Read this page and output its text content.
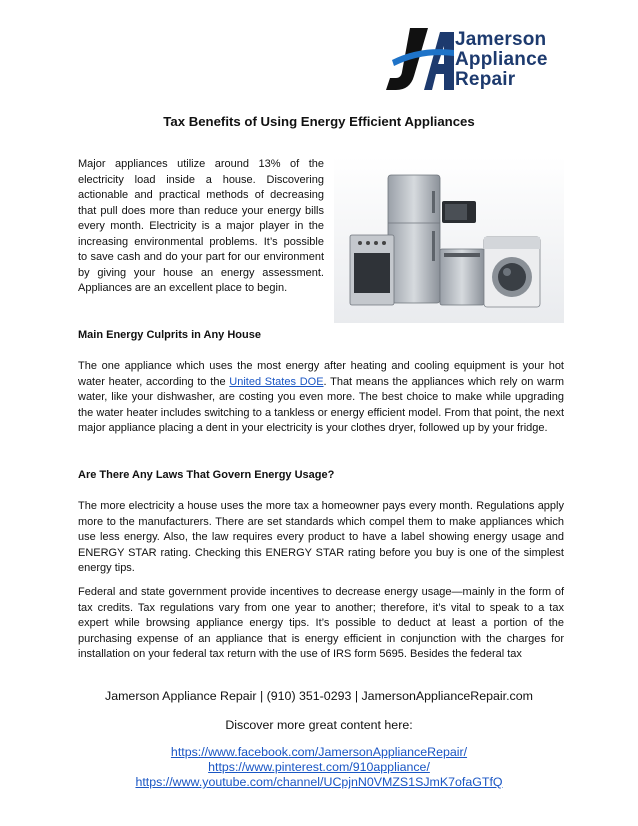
Jamerson
Appliance
Repair
Tax Benefits of Using Energy Efficient Appliances
Major appliances utilize around 13% of the electricity load inside a house. Discovering actionable and practical methods of decreasing that pull does more than reduce your energy bills every month. Electricity is a major player in the increasing environmental problems. It’s possible to save cash and do your part for our environment by giving your house an energy assessment. Appliances are an excellent place to begin.
Main Energy Culprits in Any House
The one appliance which uses the most energy after heating and cooling equipment is your hot water heater, according to the United States DOE. That means the appliances which rely on warm water, like your dishwasher, are costing you even more. The best choice to make while upgrading the water heater includes switching to a tankless or energy efficient model. From that point, the next major appliance placing a dent in your electricity is your clothes dryer, followed up by your fridge.
Are There Any Laws That Govern Energy Usage?
The more electricity a house uses the more tax a homeowner pays every month. Regulations apply more to the manufacturers. There are set standards which compel them to make appliances which use less energy. Also, the law requires every product to have a label showing energy usage and ENERGY STAR rating. Checking this ENERGY STAR rating before you buy is one of the simplest energy tips.
Federal and state government provide incentives to decrease energy usage—mainly in the form of tax credits. Tax regulations vary from one year to another; therefore, it’s vital to speak to a tax expert while browsing appliance energy tips. It’s possible to deduct at least a portion of the purchasing expense of an appliance that is energy efficient in conjunction with the charges for installation on your federal tax return with the use of IRS form 5695. Besides the federal tax
Jamerson Appliance Repair | (910) 351-0293 | JamersonApplianceRepair.com
Discover more great content here:
https://www.facebook.com/JamersonApplianceRepair/
https://www.pinterest.com/910appliance/
https://www.youtube.com/channel/UCpjnN0VMZS1SJmK7ofaGTfQ
